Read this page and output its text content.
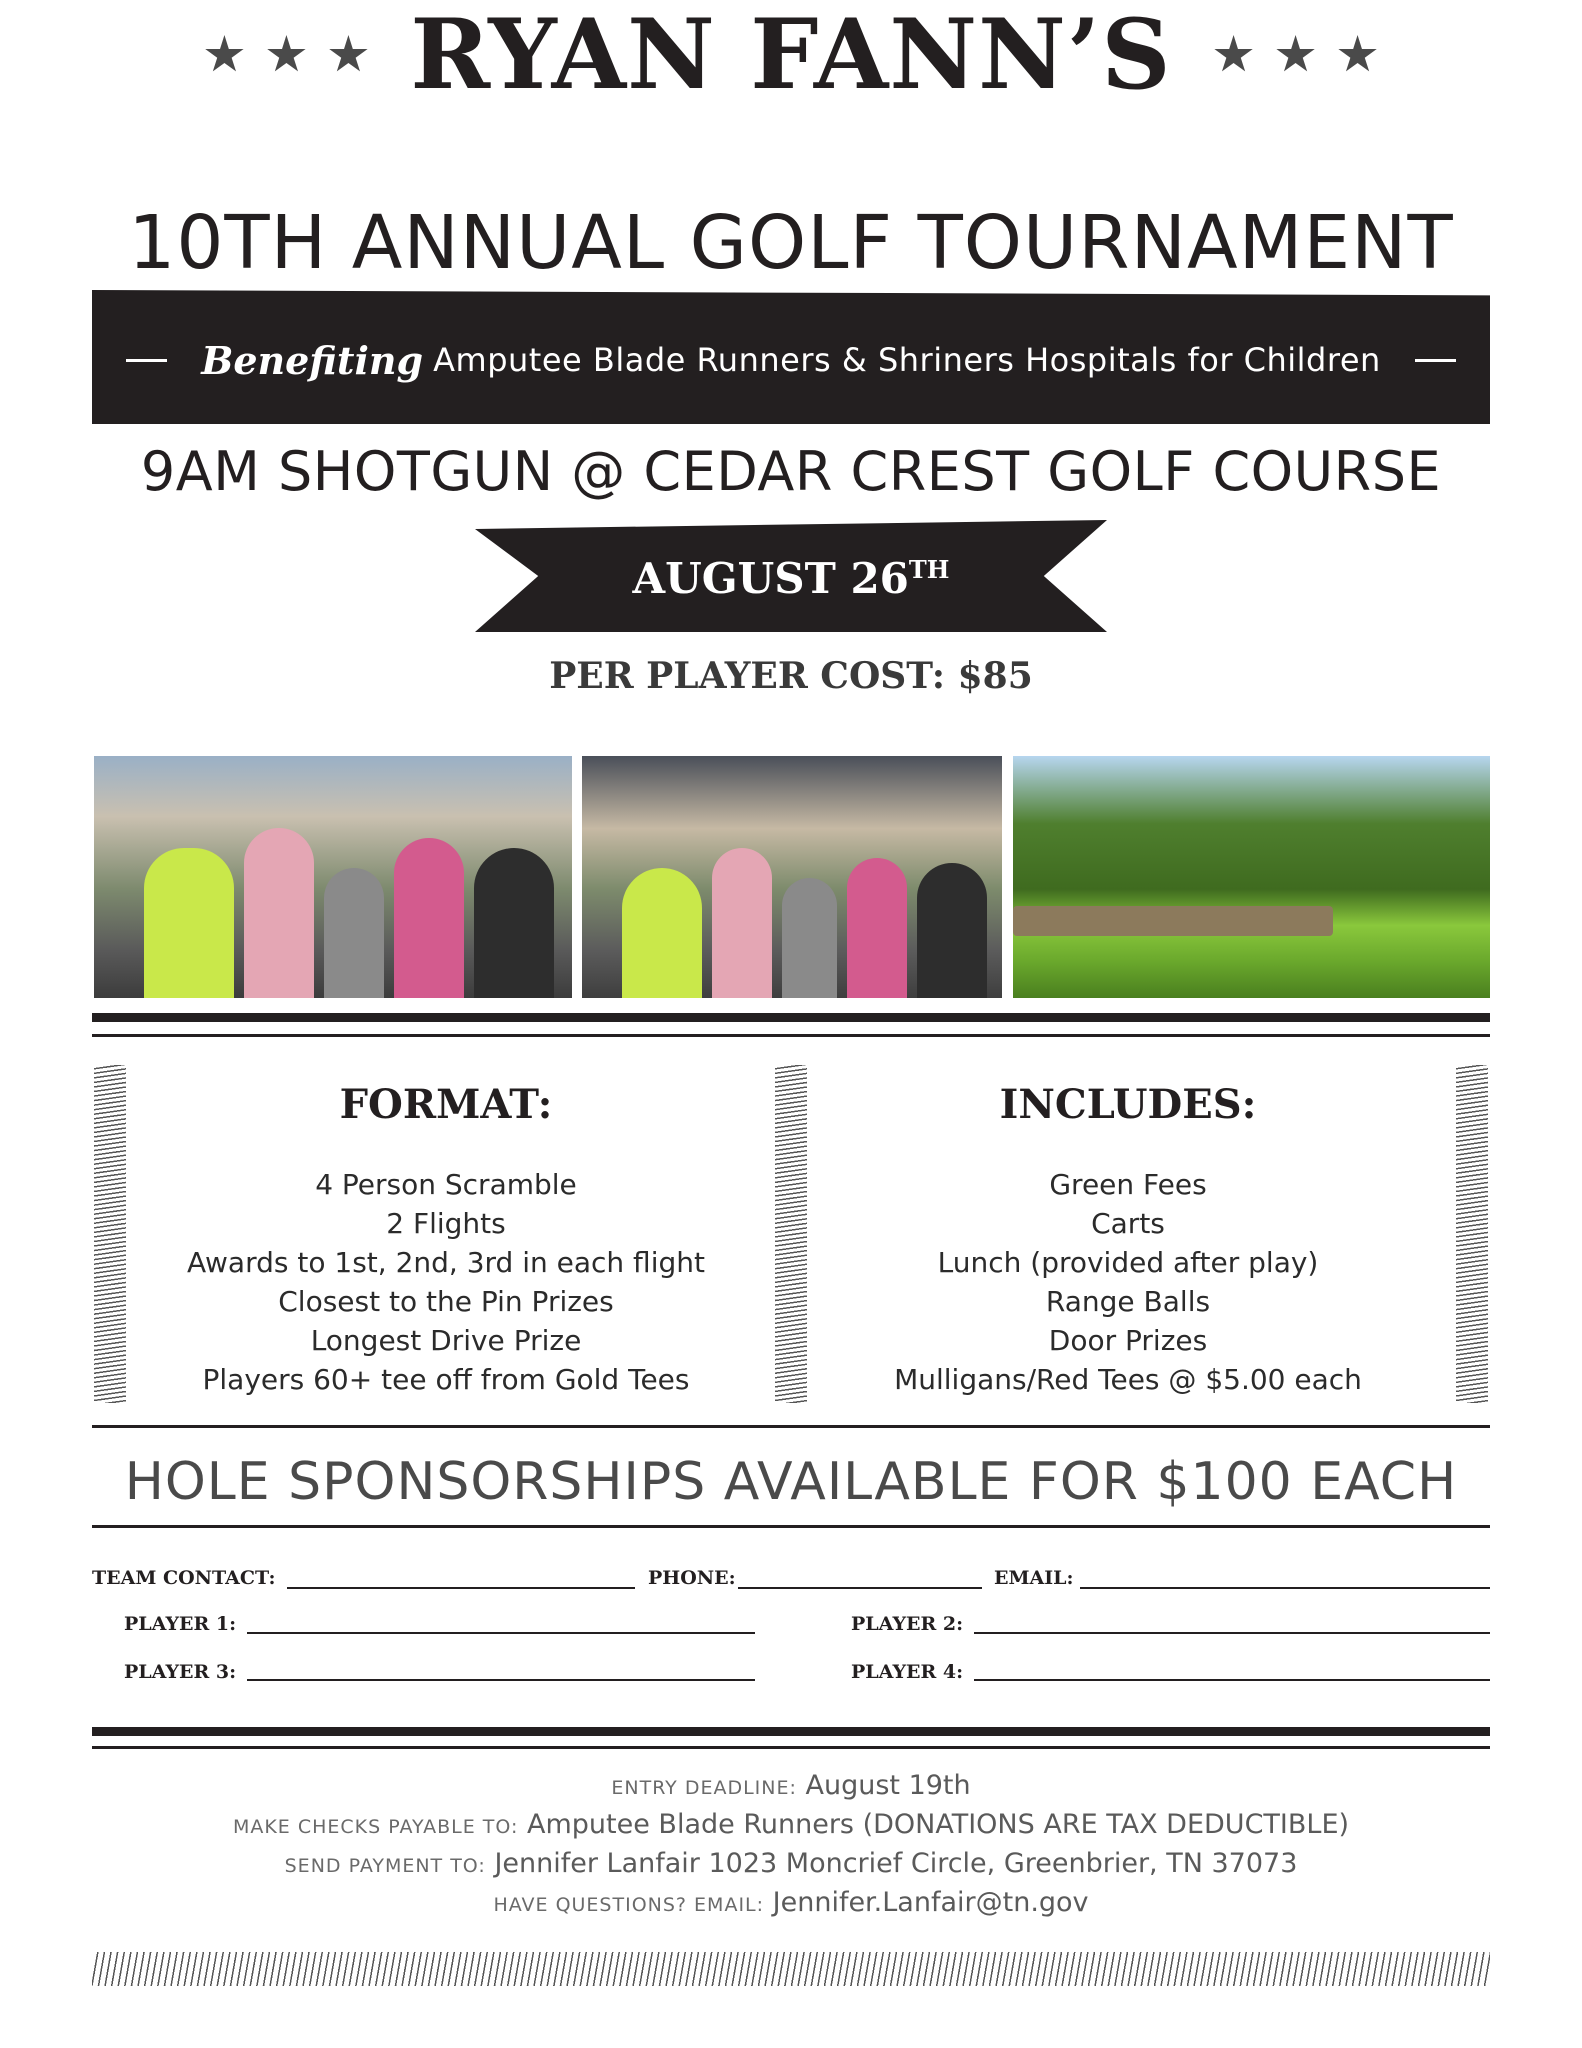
RYAN FANN’S
10TH ANNUAL GOLF TOURNAMENT
Benefiting Amputee Blade Runners & Shriners Hospitals for Children
9AM SHOTGUN @ CEDAR CREST GOLF COURSE
AUGUST 26TH
PER PLAYER COST: $85
FORMAT:
4 Person Scramble
2 Flights
Awards to 1st, 2nd, 3rd in each flight
Closest to the Pin Prizes
Longest Drive Prize
Players 60+ tee off from Gold Tees
INCLUDES:
Green Fees
Carts
Lunch (provided after play)
Range Balls
Door Prizes
Mulligans/Red Tees @ $5.00 each
HOLE SPONSORSHIPS AVAILABLE FOR $100 EACH
TEAM CONTACT:	PHONE:	EMAIL:
PLAYER 1:	PLAYER 2:
PLAYER 3:	PLAYER 4:
ENTRY DEADLINE: August 19th
MAKE CHECKS PAYABLE TO: Amputee Blade Runners (DONATIONS ARE TAX DEDUCTIBLE)
SEND PAYMENT TO: Jennifer Lanfair 1023 Moncrief Circle, Greenbrier, TN 37073
HAVE QUESTIONS? EMAIL: Jennifer.Lanfair@tn.gov
